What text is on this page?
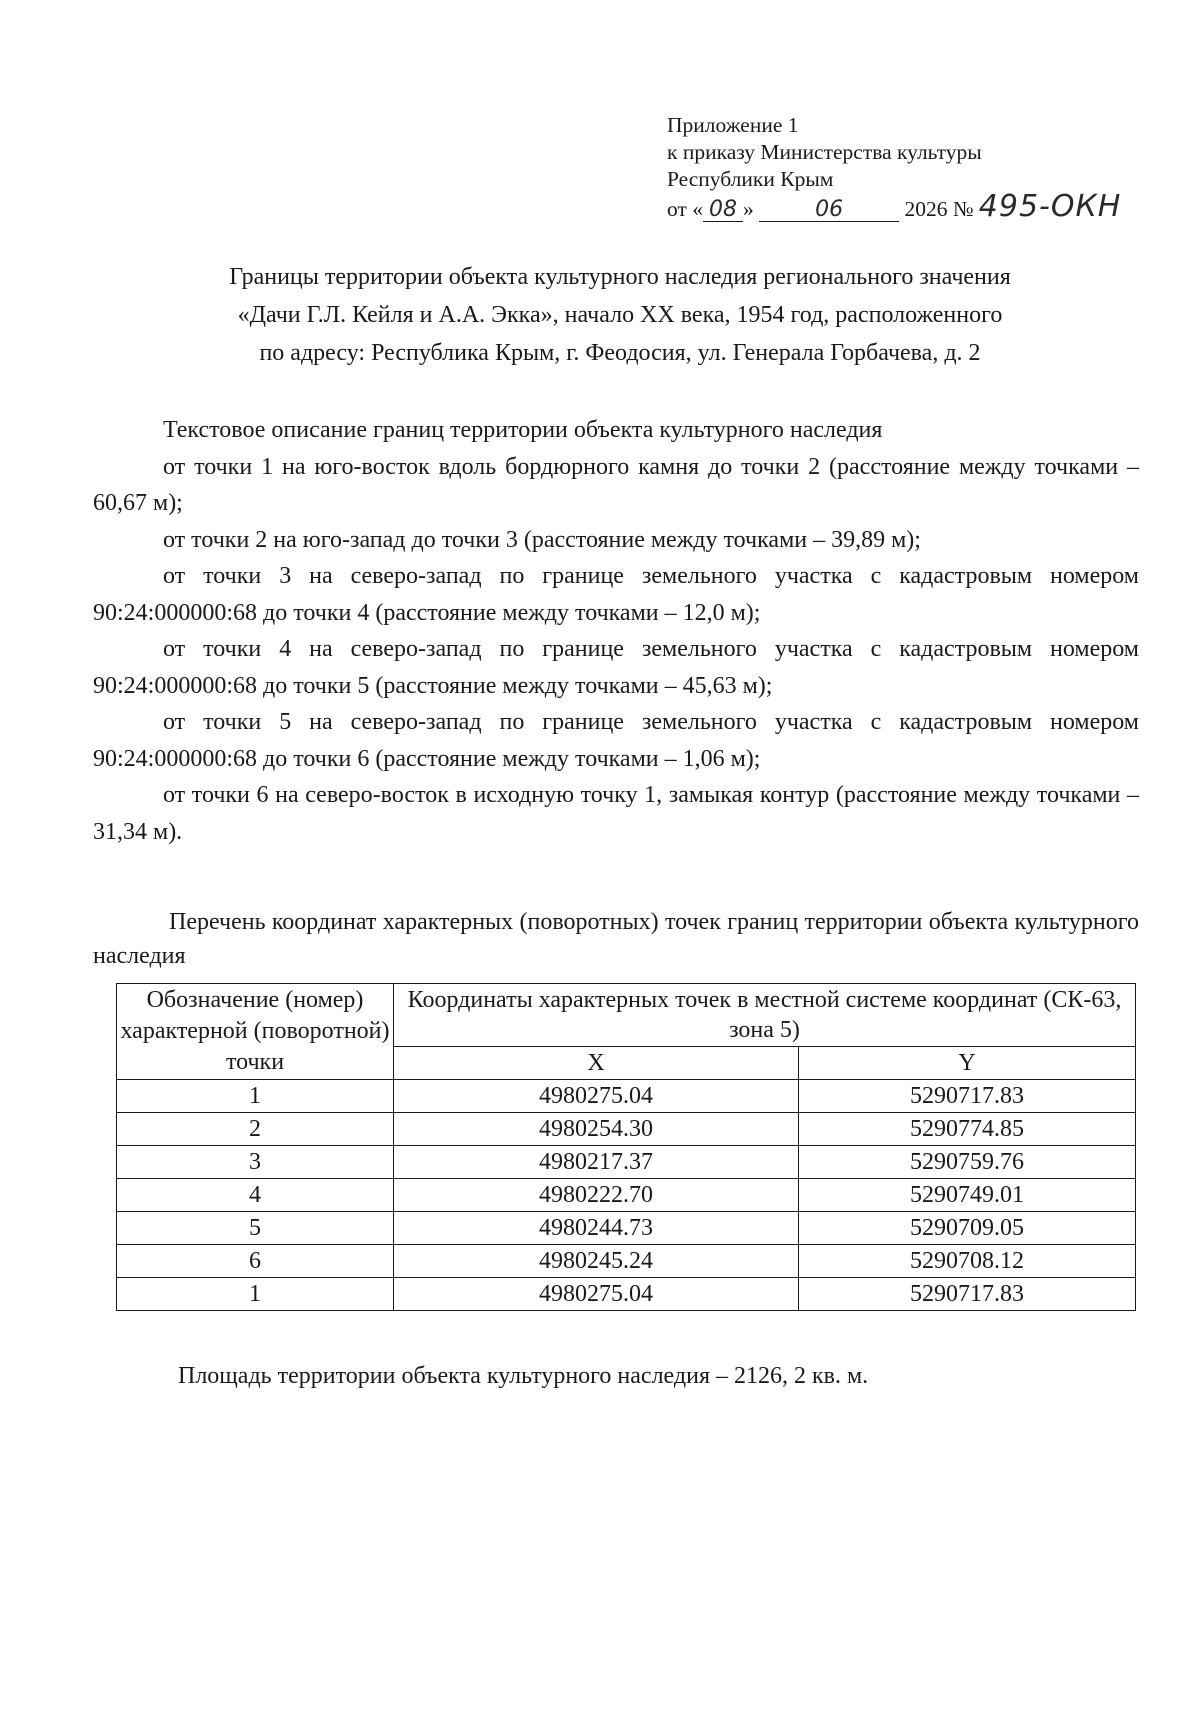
Приложение 1
к приказу Министерства культуры
Республики Крым
от « 08 »	06	2026 № 495-ОКН
Границы территории объекта культурного наследия регионального значения
«Дачи Г.Л. Кейля и А.А. Экка», начало XX века, 1954 год, расположенного
по адресу: Республика Крым, г. Феодосия, ул. Генерала Горбачева, д. 2
Текстовое описание границ территории объекта культурного наследия
от точки 1 на юго-восток вдоль бордюрного камня до точки 2 (расстояние между точками – 60,67 м);
от точки 2 на юго-запад до точки 3 (расстояние между точками – 39,89 м);
от точки 3 на северо-запад по границе земельного участка с кадастровым номером 90:24:000000:68 до точки 4 (расстояние между точками – 12,0 м);
от точки 4 на северо-запад по границе земельного участка с кадастровым номером 90:24:000000:68 до точки 5 (расстояние между точками – 45,63 м);
от точки 5 на северо-запад по границе земельного участка с кадастровым номером 90:24:000000:68 до точки 6 (расстояние между точками – 1,06 м);
от точки 6 на северо-восток в исходную точку 1, замыкая контур (расстояние между точками – 31,34 м).
Перечень координат характерных (поворотных) точек границ территории объекта культурного наследия
Обозначение (номер) характерной (поворотной) точки	Координаты характерных точек в местной системе координат (СК-63, зона 5)	
	X	Y
1	4980275.04	5290717.83
2	4980254.30	5290774.85
3	4980217.37	5290759.76
4	4980222.70	5290749.01
5	4980244.73	5290709.05
6	4980245.24	5290708.12
1	4980275.04	5290717.83
Площадь территории объекта культурного наследия – 2126, 2 кв. м.
